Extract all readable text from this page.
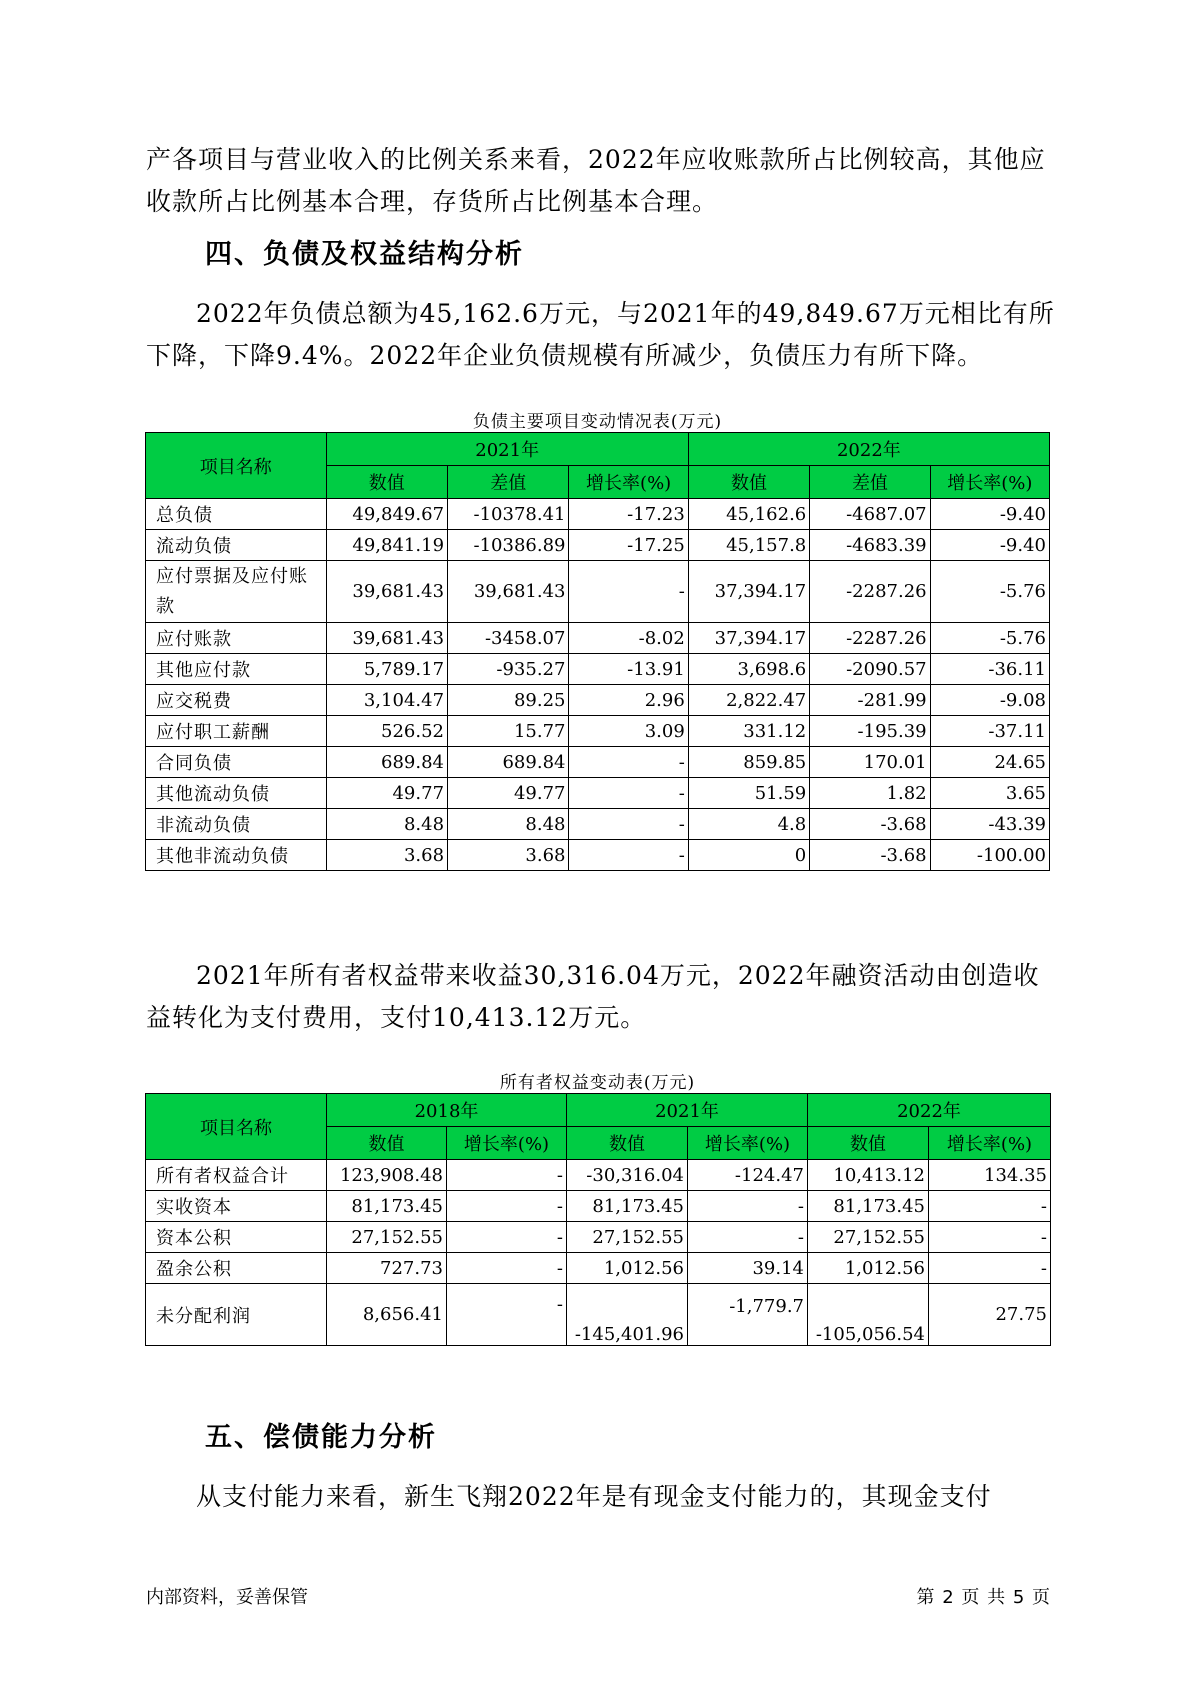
产各项目与营业收入的比例关系来看，2022年应收账款所占比例较高，其他应收款所占比例基本合理，存货所占比例基本合理。
四、负债及权益结构分析
2022年负债总额为45,162.6万元，与2021年的49,849.67万元相比有所下降，下降9.4%。2022年企业负债规模有所减少，负债压力有所下降。
负债主要项目变动情况表(万元)
项目名称	2021年			2022年		
	数值	差值	增长率(%)	数值	差值	增长率(%)
总负债	49,849.67	-10378.41	-17.23	45,162.6	-4687.07	-9.40
流动负债	49,841.19	-10386.89	-17.25	45,157.8	-4683.39	-9.40
应付票据及应付账款	39,681.43	39,681.43	-	37,394.17	-2287.26	-5.76
应付账款	39,681.43	-3458.07	-8.02	37,394.17	-2287.26	-5.76
其他应付款	5,789.17	-935.27	-13.91	3,698.6	-2090.57	-36.11
应交税费	3,104.47	89.25	2.96	2,822.47	-281.99	-9.08
应付职工薪酬	526.52	15.77	3.09	331.12	-195.39	-37.11
合同负债	689.84	689.84	-	859.85	170.01	24.65
其他流动负债	49.77	49.77	-	51.59	1.82	3.65
非流动负债	8.48	8.48	-	4.8	-3.68	-43.39
其他非流动负债	3.68	3.68	-	0	-3.68	-100.00
2021年所有者权益带来收益30,316.04万元，2022年融资活动由创造收益转化为支付费用，支付10,413.12万元。
所有者权益变动表(万元)
项目名称	2018年		2021年		2022年	
	数值	增长率(%)	数值	增长率(%)	数值	增长率(%)
所有者权益合计	123,908.48	-	-30,316.04	-124.47	10,413.12	134.35
实收资本	81,173.45	-	81,173.45	-	81,173.45	-
资本公积	27,152.55	-	27,152.55	-	27,152.55	-
盈余公积	727.73	-	1,012.56	39.14	1,012.56	-
未分配利润	8,656.41	-	-145,401.96	-1,779.7	-105,056.54	27.75
五、偿债能力分析
从支付能力来看，新生飞翔2022年是有现金支付能力的，其现金支付
内部资料，妥善保管	第 2 页 共 5 页
